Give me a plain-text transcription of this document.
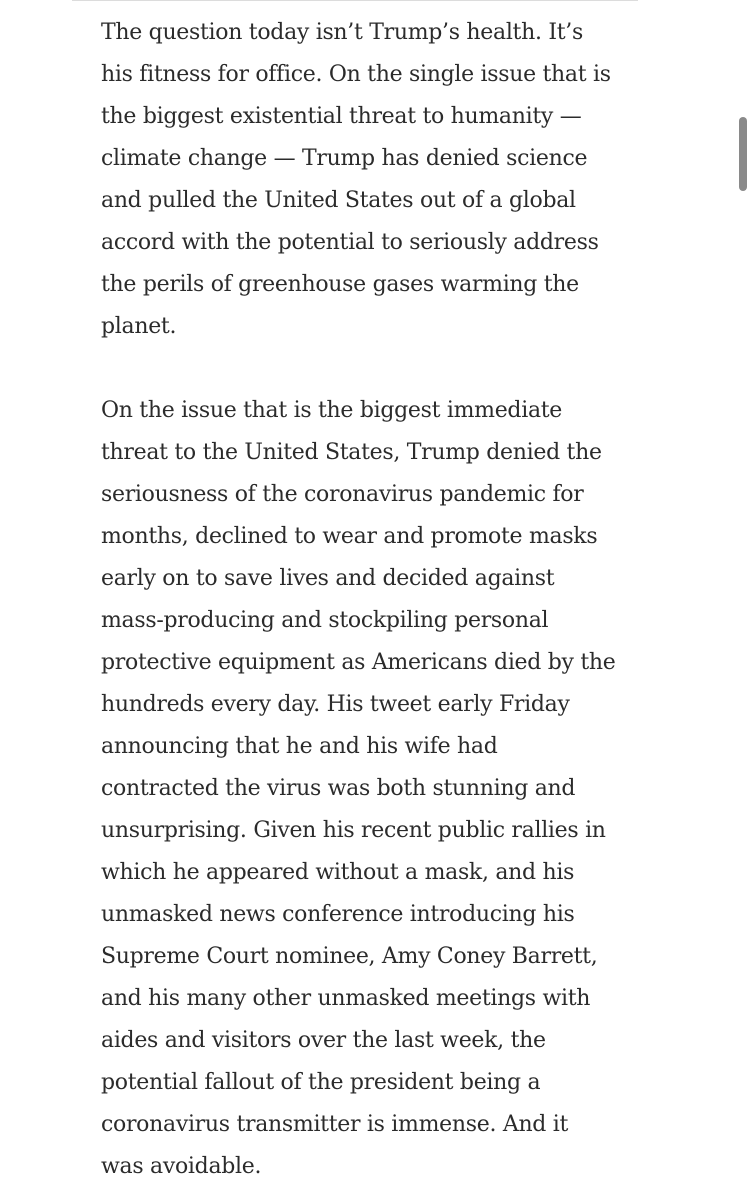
The question today isn’t Trump’s health. It’s
his fitness for office. On the single issue that is
the biggest existential threat to humanity —
climate change — Trump has denied science
and pulled the United States out of a global
accord with the potential to seriously address
the perils of greenhouse gases warming the
planet.
On the issue that is the biggest immediate
threat to the United States, Trump denied the
seriousness of the coronavirus pandemic for
months, declined to wear and promote masks
early on to save lives and decided against
mass-producing and stockpiling personal
protective equipment as Americans died by the
hundreds every day. His tweet early Friday
announcing that he and his wife had
contracted the virus was both stunning and
unsurprising. Given his recent public rallies in
which he appeared without a mask, and his
unmasked news conference introducing his
Supreme Court nominee, Amy Coney Barrett,
and his many other unmasked meetings with
aides and visitors over the last week, the
potential fallout of the president being a
coronavirus transmitter is immense. And it
was avoidable.
